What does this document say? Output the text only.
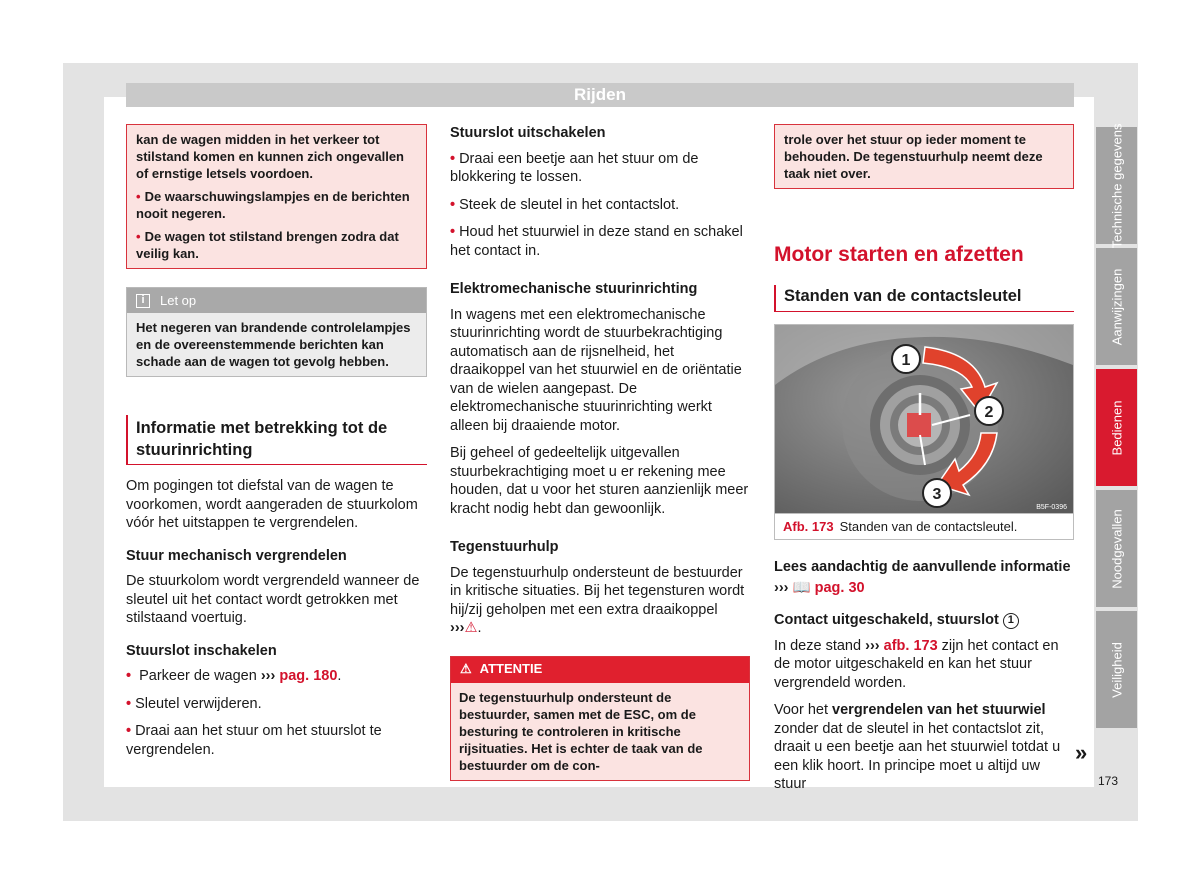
Rijden

kan de wagen midden in het verkeer tot stilstand komen en kunnen zich ongevallen of ernstige letsels voordoen.

• De waarschuwingslampjes en de berichten nooit negeren.

• De wagen tot stilstand brengen zodra dat veilig kan.

i	Let op
Het negeren van brandende controlelampjes en de overeenstemmende berichten kan schade aan de wagen tot gevolg hebben.
Informatie met betrekking tot de stuurinrichting

Om pogingen tot diefstal van de wagen te voorkomen, wordt aangeraden de stuurkolom vóór het uitstappen te vergrendelen.

Stuur mechanisch vergrendelen

De stuurkolom wordt vergrendeld wanneer de sleutel uit het contact wordt getrokken met stilstaand voertuig.

Stuurslot inschakelen

• Parkeer de wagen ››› pag. 180.

• Sleutel verwijderen.

• Draai aan het stuur om het stuurslot te vergrendelen.

Stuurslot uitschakelen

• Draai een beetje aan het stuur om de blokkering te lossen.

• Steek de sleutel in het contactslot.

• Houd het stuurwiel in deze stand en schakel het contact in.

Elektromechanische stuurinrichting

In wagens met een elektromechanische stuurinrichting wordt de stuurbekrachtiging automatisch aan de rijsnelheid, het draaikoppel van het stuurwiel en de oriëntatie van de wielen aangepast. De elektromechanische stuurinrichting werkt alleen bij draaiende motor.

Bij geheel of gedeeltelijk uitgevallen stuurbekrachtiging moet u er rekening mee houden, dat u voor het sturen aanzienlijk meer kracht nodig hebt dan gewoonlijk.

Tegenstuurhulp

De tegenstuurhulp ondersteunt de bestuurder in kritische situaties. Bij het tegensturen wordt hij/zij geholpen met een extra draaikoppel ›››⚠.

⚠ ATTENTIE
De tegenstuurhulp ondersteunt de bestuurder, samen met de ESC, om de besturing te controleren in kritische rijsituaties. Het is echter de taak van de bestuurder om de con-

trole over het stuur op ieder moment te behouden. De tegenstuurhulp neemt deze taak niet over.

Motor starten en afzetten
Standen van de contactsleutel
1
2
3
B5F-0396
Afb. 173 Standen van de contactsleutel.
Lees aandachtig de aanvullende informatie

››› 📖 pag. 30

Contact uitgeschakeld, stuurslot 1

In deze stand ››› afb. 173 zijn het contact en de motor uitgeschakeld en kan het stuur vergrendeld worden.

Voor het vergrendelen van het stuurwiel zonder dat de sleutel in het contactslot zit, draait u een beetje aan het stuurwiel totdat u een klik hoort. In principe moet u altijd uw stuur

»
Technische gegevens
Aanwijzingen
Bedienen
Noodgevallen
Veiligheid
173
